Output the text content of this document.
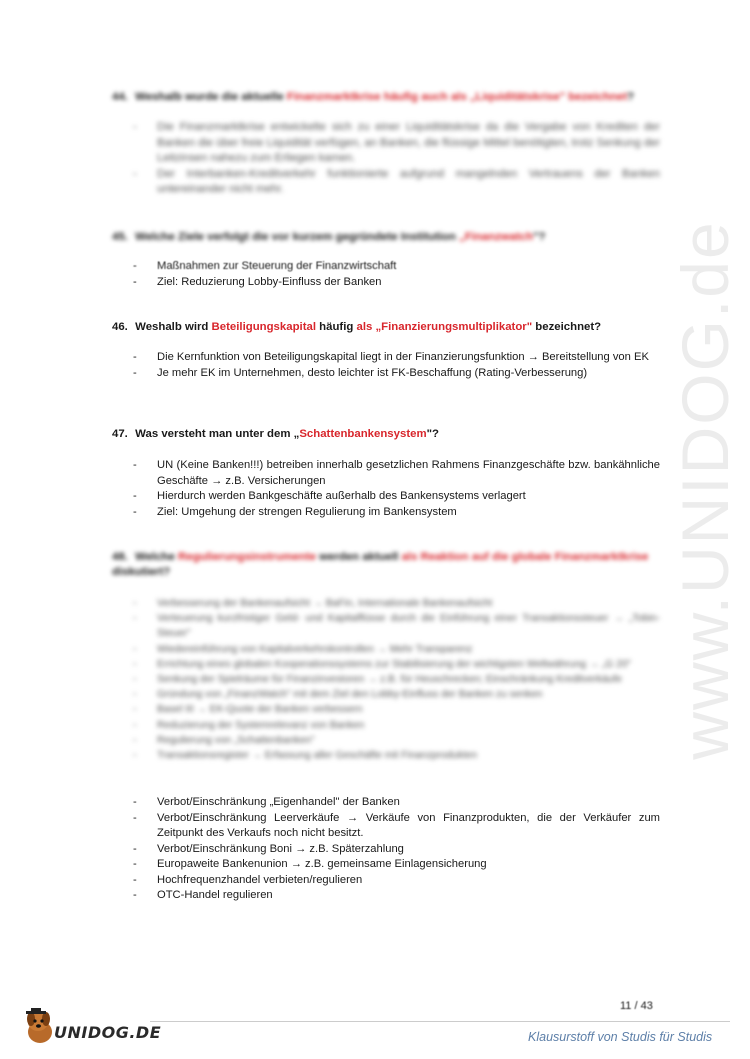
www.UNIDOG.de
44. Weshalb wurde die aktuelle Finanzmarktkrise häufig auch als „Liquiditätskrise" bezeichnet?
- Die Finanzmarktkrise entwickelte sich zu einer Liquiditätskrise da die Vergabe von Krediten der Banken die über freie Liquidität verfügen, an Banken, die flüssige Mittel benötigten, trotz Senkung der Leitzinsen nahezu zum Erliegen kamen.
- Der Interbanken-Kreditverkehr funktionierte aufgrund mangelnden Vertrauens der Banken untereinander nicht mehr.
45. Welche Ziele verfolgt die vor kurzem gegründete Institution „Finanzwatch"?
- Maßnahmen zur Steuerung der Finanzwirtschaft
- Ziel: Reduzierung Lobby-Einfluss der Banken
46. Weshalb wird Beteiligungskapital häufig als „Finanzierungsmultiplikator" bezeichnet?
- Die Kernfunktion von Beteiligungskapital liegt in der Finanzierungsfunktion → Bereitstellung von EK
- Je mehr EK im Unternehmen, desto leichter ist FK-Beschaffung (Rating-Verbesserung)
47. Was versteht man unter dem „Schattenbankensystem"?
- UN (Keine Banken!!!) betreiben innerhalb gesetzlichen Rahmens Finanzgeschäfte bzw. bankähnliche Geschäfte → z.B. Versicherungen
- Hierdurch werden Bankgeschäfte außerhalb des Bankensystems verlagert
- Ziel: Umgehung der strengen Regulierung im Bankensystem
48. Welche Regulierungsinstrumente werden aktuell als Reaktion auf die globale Finanzmarktkrise diskutiert?
- Verbesserung der Bankenaufsicht → BaFin, Internationale Bankenaufsicht
- Verteuerung kurzfristiger Geld- und Kapitalflüsse durch die Einführung einer Transaktionssteuer → „Tobin-Steuer"
- Wiedereinführung von Kapitalverkehrskontrollen → Mehr Transparenz
- Errichtung eines globalen Kooperationssystems zur Stabilisierung der wichtigsten Weltwährung → „G 20"
- Senkung der Spielräume für Finanzinvestoren → z.B. für Heuschrecken; Einschränkung Kreditverkäufe
- Gründung von „FinanzWatch" mit dem Ziel den Lobby-Einfluss der Banken zu senken
- Basel III → EK-Quote der Banken verbessern
- Reduzierung der Systemrelevanz von Banken
- Regulierung von „Schattenbanken"
- Transaktionsregister → Erfassung aller Geschäfte mit Finanzprodukten
- Verbot/Einschränkung „Eigenhandel" der Banken
- Verbot/Einschränkung Leerverkäufe → Verkäufe von Finanzprodukten, die der Verkäufer zum Zeitpunkt des Verkaufs noch nicht besitzt.
- Verbot/Einschränkung Boni → z.B. Späterzahlung
- Europaweite Bankenunion → z.B. gemeinsame Einlagensicherung
- Hochfrequenzhandel verbieten/regulieren
- OTC-Handel regulieren
11 / 43
UNIDOG.DE	Klausurstoff von Studis für Studis
